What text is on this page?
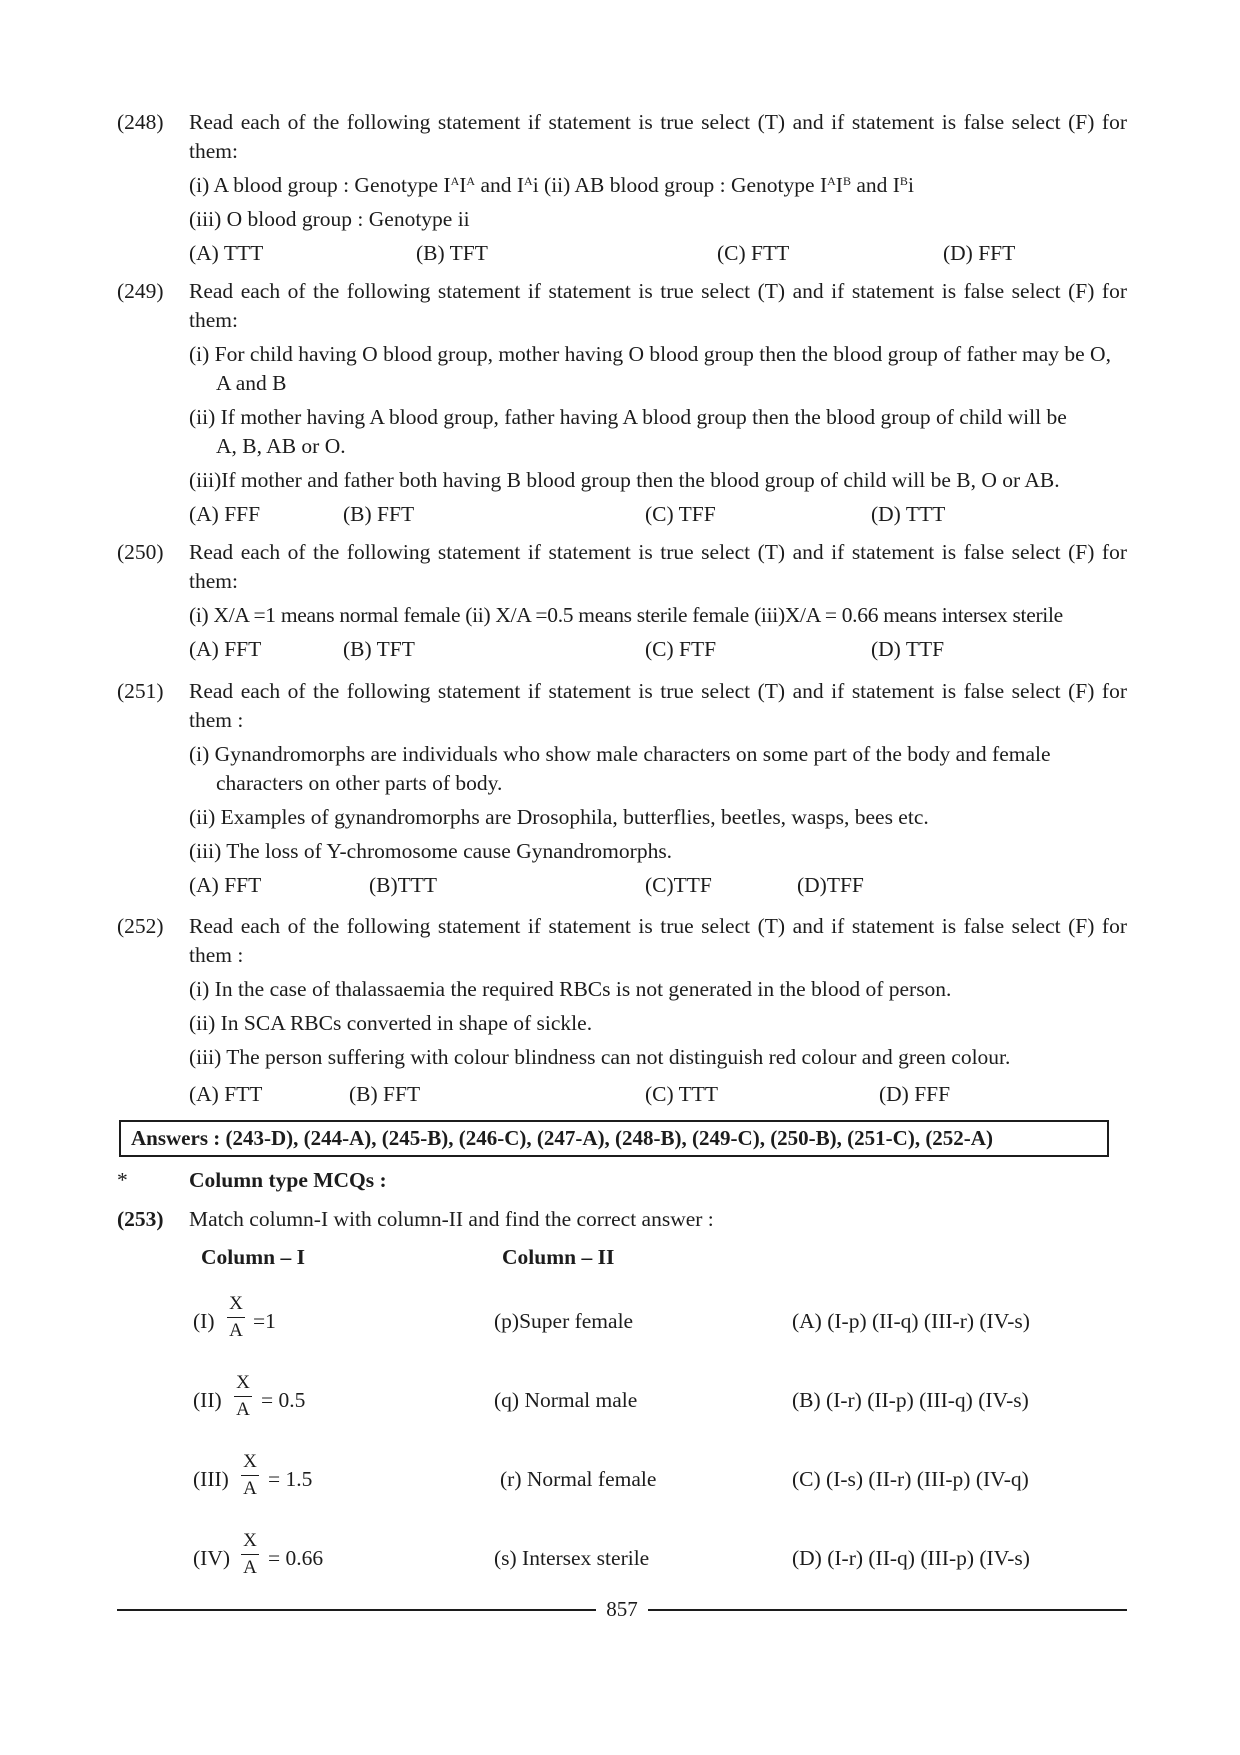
(248)	Read each of the following statement if statement is true select (T) and if statement is false select (F) for them:
(i) A blood group : Genotype $I^AI^A$ and $I^Ai$ (ii) AB blood group : Genotype $I^AI^B$ and $I^Bi$
(iii) O blood group : Genotype ii
(A) TTT	(B) TFT	(C) FTT	(D) FFT
(249)	Read each of the following statement if statement is true select (T) and if statement is false select (F) for them:
(i) For child having O blood group, mother having O blood group then the blood group of father may be O,
A and B
(ii) If mother having A blood group, father having A blood group then the blood group of child will be
A, B, AB or O.
(iii)If mother and father both having B blood group then the blood group of child will be B, O or AB.
(A) FFF	(B) FFT	(C) TFF	(D) TTT
(250)	Read each of the following statement if statement is true select (T) and if statement is false select (F) for them:
(i) X/A =1 means normal female (ii) X/A =0.5 means sterile female (iii)X/A = 0.66 means intersex sterile
(A) FFT	(B) TFT	(C) FTF	(D) TTF
(251)	Read each of the following statement if statement is true select (T) and if statement is false select (F) for them :
(i) Gynandromorphs are individuals who show male characters on some part of the body and female
characters on other parts of body.
(ii) Examples of gynandromorphs are Drosophila, butterflies, beetles, wasps, bees etc.
(iii) The loss of Y-chromosome cause Gynandromorphs.
(A) FFT	(B)TTT	(C)TTF	(D)TFF
(252)	Read each of the following statement if statement is true select (T) and if statement is false select (F) for them :
(i) In the case of thalassaemia the required RBCs is not generated in the blood of person.
(ii) In SCA RBCs converted in shape of sickle.
(iii) The person suffering with colour blindness can not distinguish red colour and green colour.
(A) FTT	(B) FFT	(C) TTT	(D) FFF
Answers : (243-D), (244-A), (245-B), (246-C), (247-A), (248-B), (249-C), (250-B), (251-C), (252-A)
*	Column type MCQs :
(253) Match column-I with column-II and find the correct answer :
Column – I	Column – II
(I)
X
A =1	(p)Super female	(A) (I-p) (II-q) (III-r) (IV-s)
(II)
X
A = 0.5	(q) Normal male	(B) (I-r) (II-p) (III-q) (IV-s)
(III)
X
A = 1.5	(r) Normal female	(C) (I-s) (II-r) (III-p) (IV-q)
(IV)
X
A = 0.66	(s) Intersex sterile	(D) (I-r) (II-q) (III-p) (IV-s)
857
